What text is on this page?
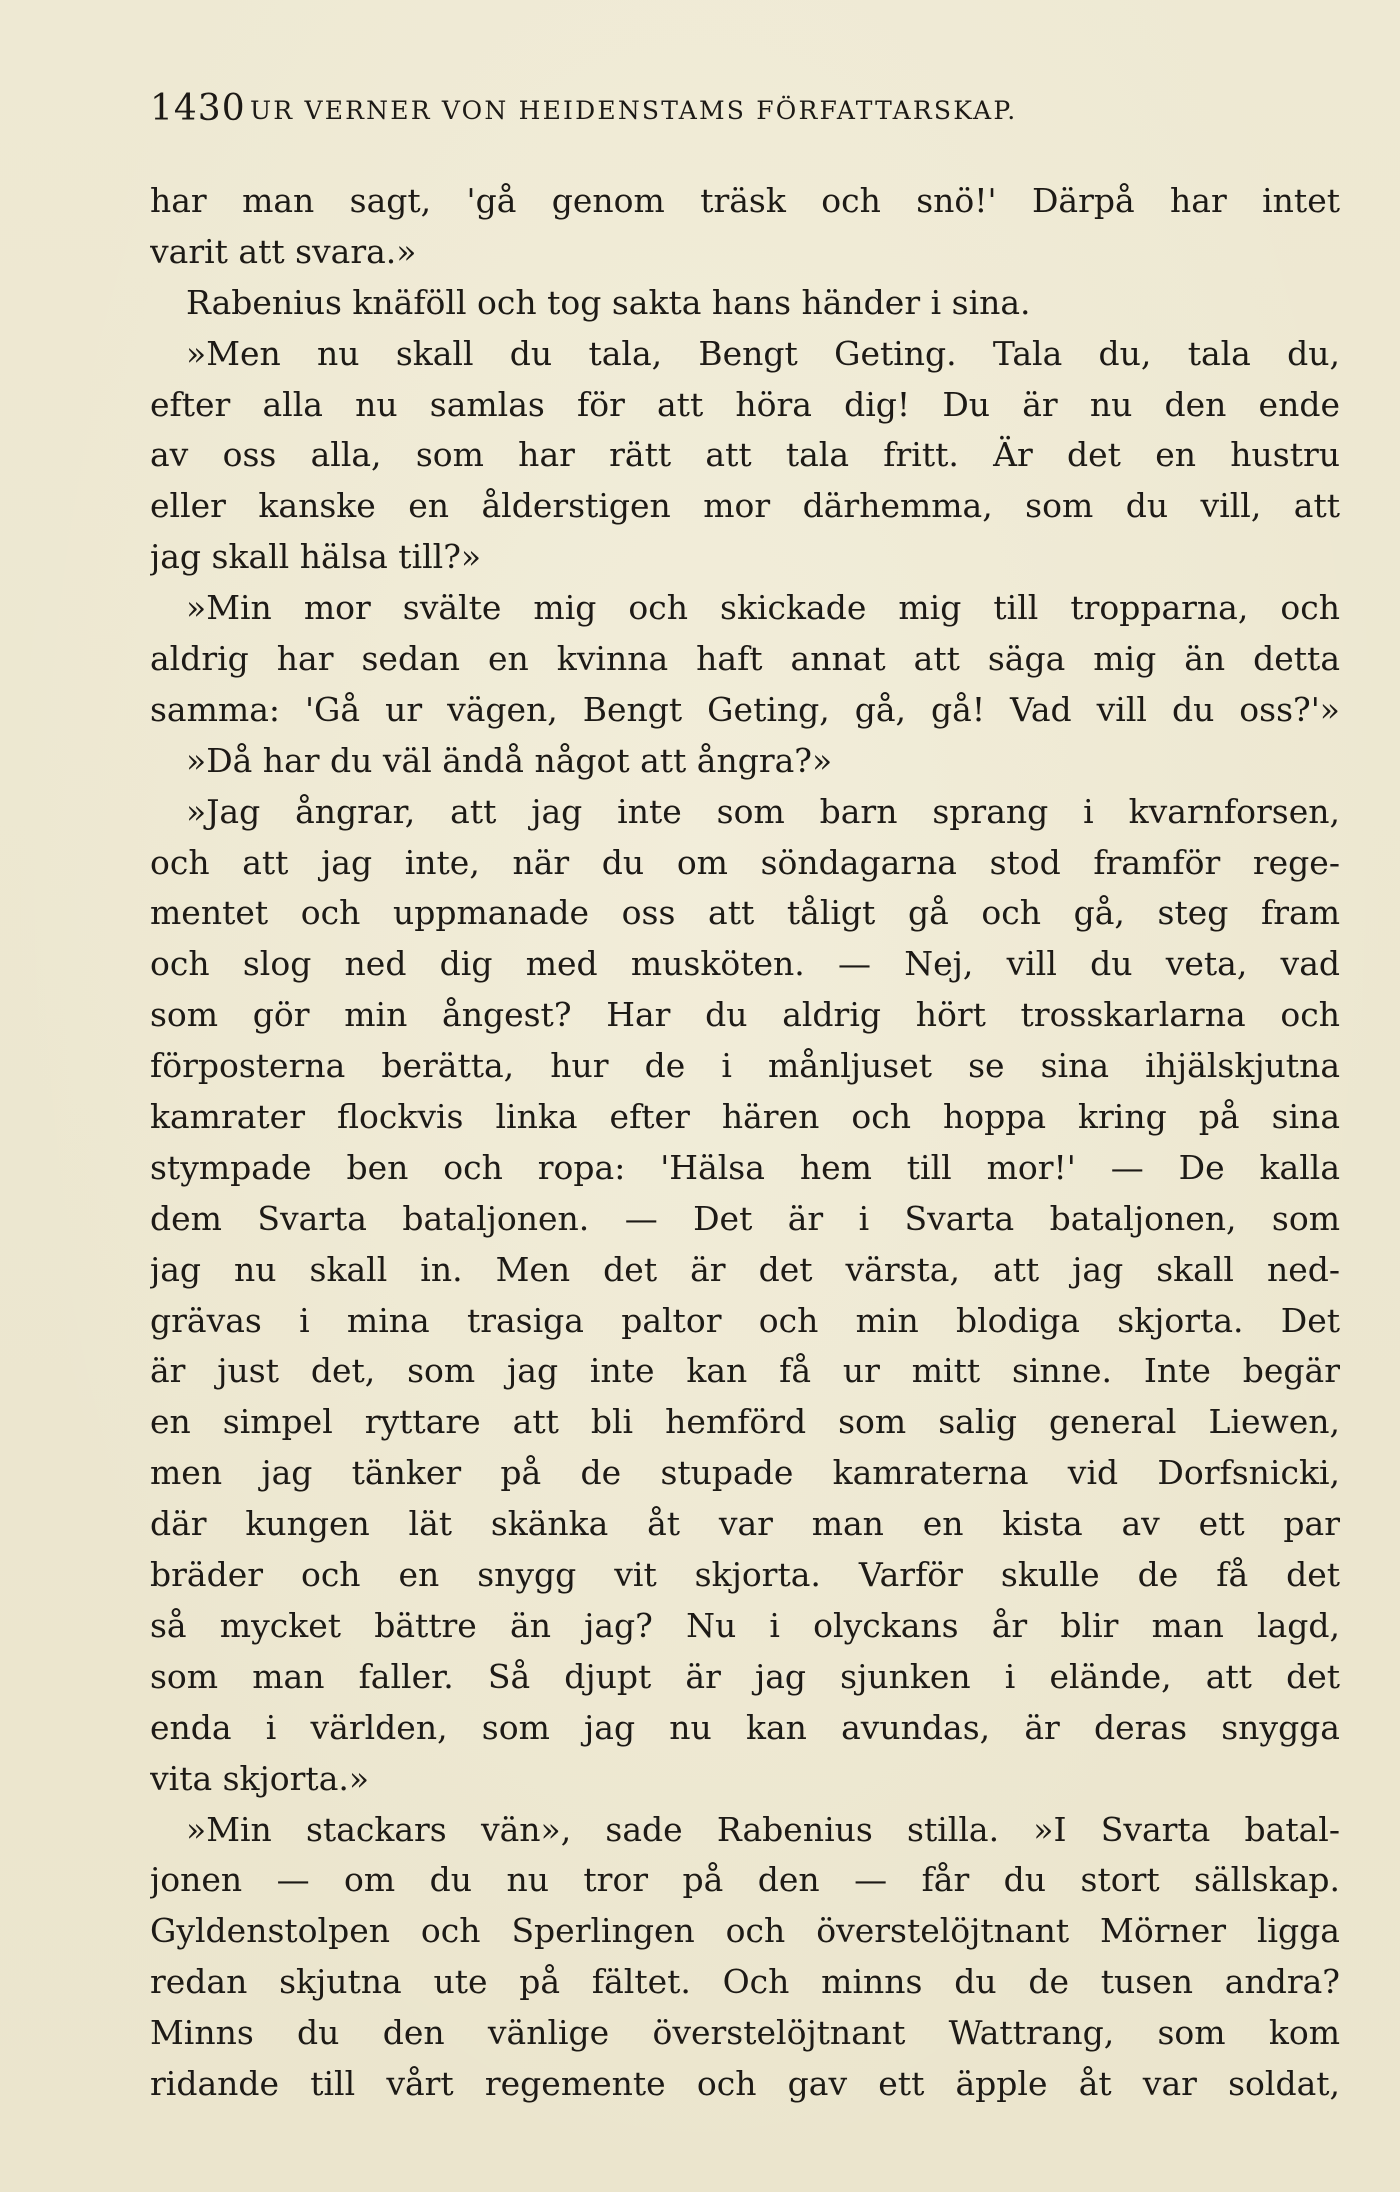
1430 UR VERNER VON HEIDENSTAMS FÖRFATTARSKAP.
har man sagt, 'gå genom träsk och snö!' Därpå har intet
varit att svara.»
Rabenius knäföll och tog sakta hans händer i sina.
»Men nu skall du tala, Bengt Geting. Tala du, tala du,
efter alla nu samlas för att höra dig! Du är nu den ende
av oss alla, som har rätt att tala fritt. Är det en hustru
eller kanske en ålderstigen mor därhemma, som du vill, att
jag skall hälsa till?»
»Min mor svälte mig och skickade mig till tropparna, och
aldrig har sedan en kvinna haft annat att säga mig än detta
samma: 'Gå ur vägen, Bengt Geting, gå, gå! Vad vill du oss?'»
»Då har du väl ändå något att ångra?»
»Jag ångrar, att jag inte som barn sprang i kvarnforsen,
och att jag inte, när du om söndagarna stod framför rege-
mentet och uppmanade oss att tåligt gå och gå, steg fram
och slog ned dig med musköten. — Nej, vill du veta, vad
som gör min ångest? Har du aldrig hört trosskarlarna och
förposterna berätta, hur de i månljuset se sina ihjälskjutna
kamrater flockvis linka efter hären och hoppa kring på sina
stympade ben och ropa: 'Hälsa hem till mor!' — De kalla
dem Svarta bataljonen. — Det är i Svarta bataljonen, som
jag nu skall in. Men det är det värsta, att jag skall ned-
grävas i mina trasiga paltor och min blodiga skjorta. Det
är just det, som jag inte kan få ur mitt sinne. Inte begär
en simpel ryttare att bli hemförd som salig general Liewen,
men jag tänker på de stupade kamraterna vid Dorfsnicki,
där kungen lät skänka åt var man en kista av ett par
bräder och en snygg vit skjorta. Varför skulle de få det
så mycket bättre än jag? Nu i olyckans år blir man lagd,
som man faller. Så djupt är jag sjunken i elände, att det
enda i världen, som jag nu kan avundas, är deras snygga
vita skjorta.»
»Min stackars vän», sade Rabenius stilla. »I Svarta batal-
jonen — om du nu tror på den — får du stort sällskap.
Gyldenstolpen och Sperlingen och överstelöjtnant Mörner ligga
redan skjutna ute på fältet. Och minns du de tusen andra?
Minns du den vänlige överstelöjtnant Wattrang, som kom
ridande till vårt regemente och gav ett äpple åt var soldat,
